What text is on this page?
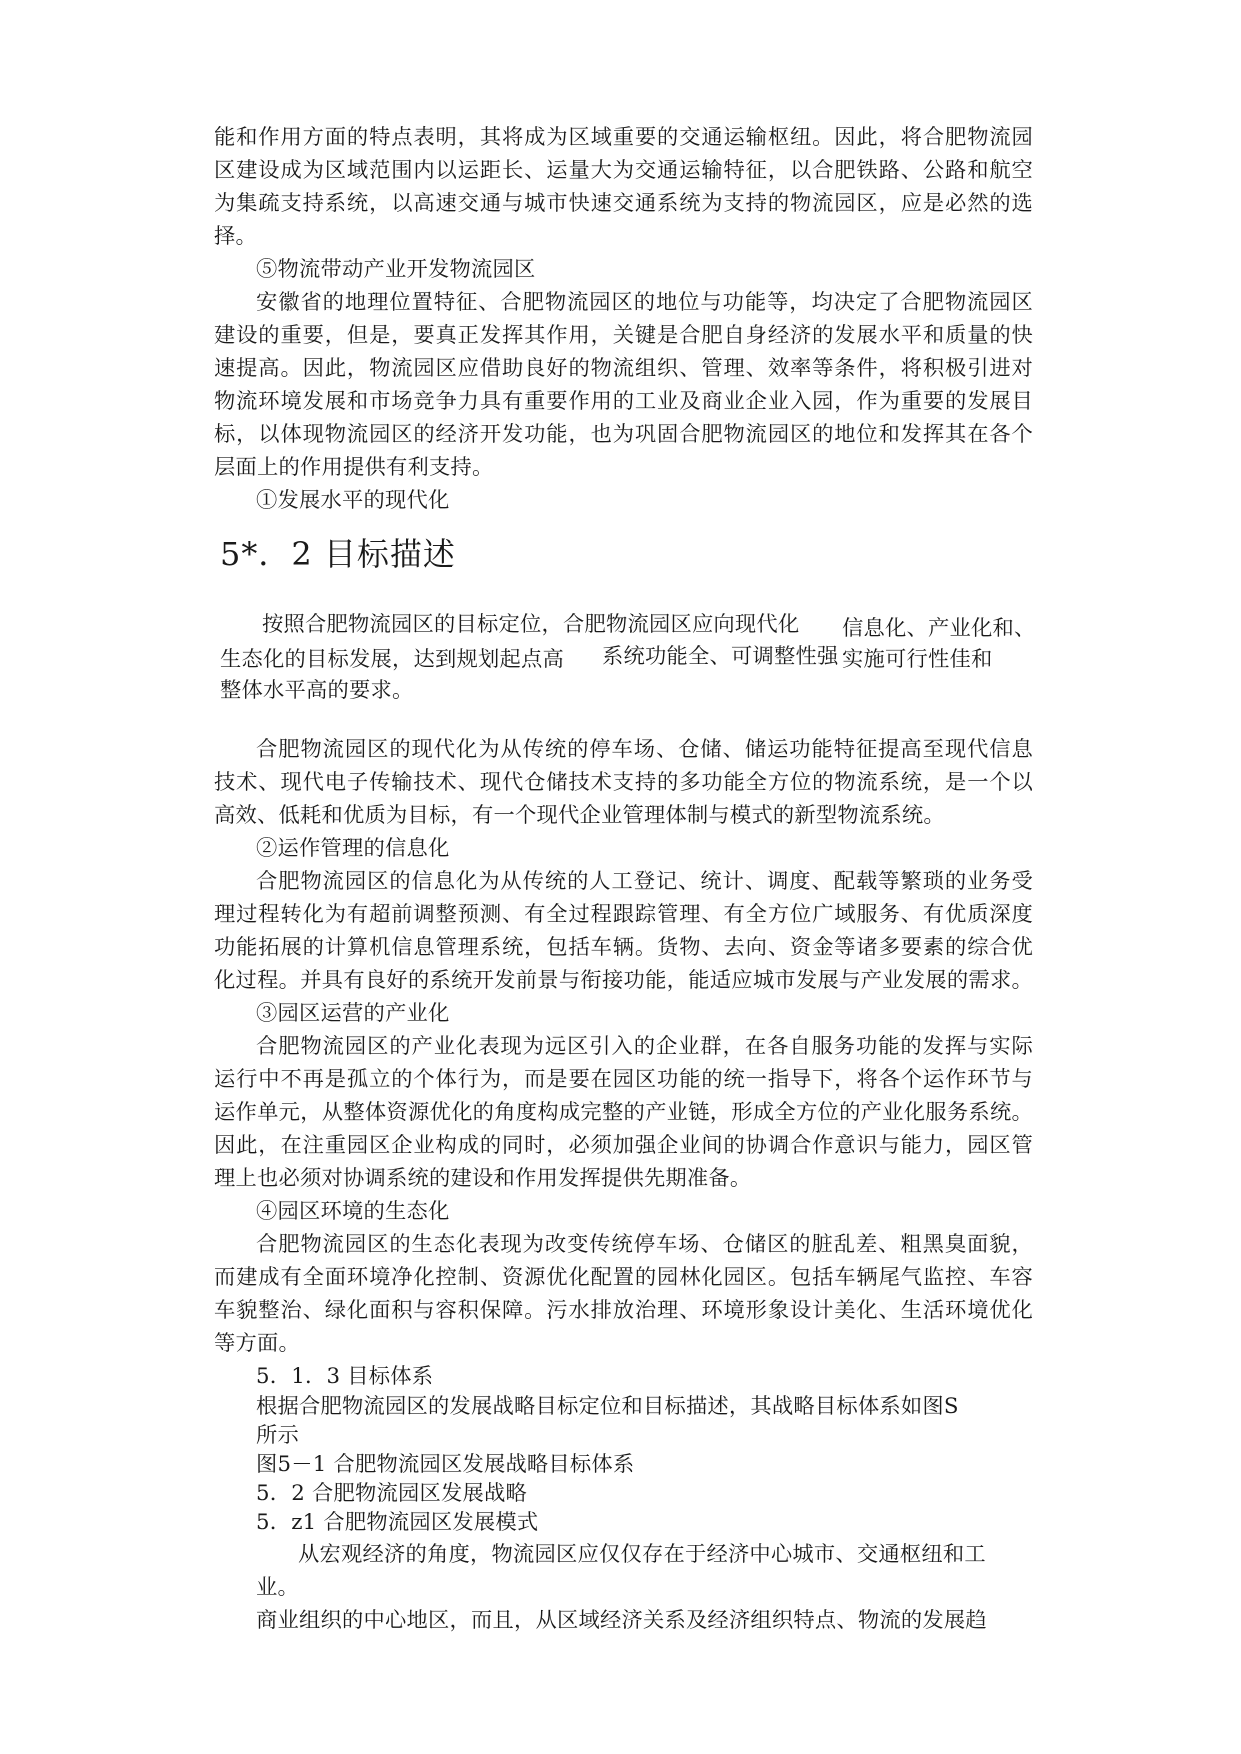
能和作用方面的特点表明，其将成为区域重要的交通运输枢纽。因此，将合肥物流园
区建设成为区域范围内以运距长、运量大为交通运输特征，以合肥铁路、公路和航空
为集疏支持系统，以高速交通与城市快速交通系统为支持的物流园区，应是必然的选
择。
⑤物流带动产业开发物流园区
安徽省的地理位置特征、合肥物流园区的地位与功能等，均决定了合肥物流园区
建设的重要，但是，要真正发挥其作用，关键是合肥自身经济的发展水平和质量的快
速提高。因此，物流园区应借助良好的物流组织、管理、效率等条件，将积极引进对
物流环境发展和市场竞争力具有重要作用的工业及商业企业入园，作为重要的发展目
标，以体现物流园区的经济开发功能，也为巩固合肥物流园区的地位和发挥其在各个
层面上的作用提供有利支持。
①发展水平的现代化
5*．2 目标描述
按照合肥物流园区的目标定位，合肥物流园区应向现代化 信息化、产业化和、
生态化的目标发展，达到规划起点高 系统功能全、可调整性强 实施可行性佳和
整体水平高的要求。
合肥物流园区的现代化为从传统的停车场、仓储、储运功能特征提高至现代信息
技术、现代电子传输技术、现代仓储技术支持的多功能全方位的物流系统，是一个以
高效、低耗和优质为目标，有一个现代企业管理体制与模式的新型物流系统。
②运作管理的信息化
合肥物流园区的信息化为从传统的人工登记、统计、调度、配载等繁琐的业务受
理过程转化为有超前调整预测、有全过程跟踪管理、有全方位广域服务、有优质深度
功能拓展的计算机信息管理系统，包括车辆。货物、去向、资金等诸多要素的综合优
化过程。并具有良好的系统开发前景与衔接功能，能适应城市发展与产业发展的需求。
③园区运营的产业化
合肥物流园区的产业化表现为远区引入的企业群，在各自服务功能的发挥与实际
运行中不再是孤立的个体行为，而是要在园区功能的统一指导下，将各个运作环节与
运作单元，从整体资源优化的角度构成完整的产业链，形成全方位的产业化服务系统。
因此，在注重园区企业构成的同时，必须加强企业间的协调合作意识与能力，园区管
理上也必须对协调系统的建设和作用发挥提供先期准备。
④园区环境的生态化
合肥物流园区的生态化表现为改变传统停车场、仓储区的脏乱差、粗黑臭面貌，
而建成有全面环境净化控制、资源优化配置的园林化园区。包括车辆尾气监控、车容
车貌整治、绿化面积与容积保障。污水排放治理、环境形象设计美化、生活环境优化
等方面。
5．1．3 目标体系
根据合肥物流园区的发展战略目标定位和目标描述，其战略目标体系如图S
所示
图5－1 合肥物流园区发展战略目标体系
5．2 合肥物流园区发展战略
5．z1 合肥物流园区发展模式
从宏观经济的角度，物流园区应仅仅存在于经济中心城市、交通枢纽和工
业。
商业组织的中心地区，而且，从区域经济关系及经济组织特点、物流的发展趋
